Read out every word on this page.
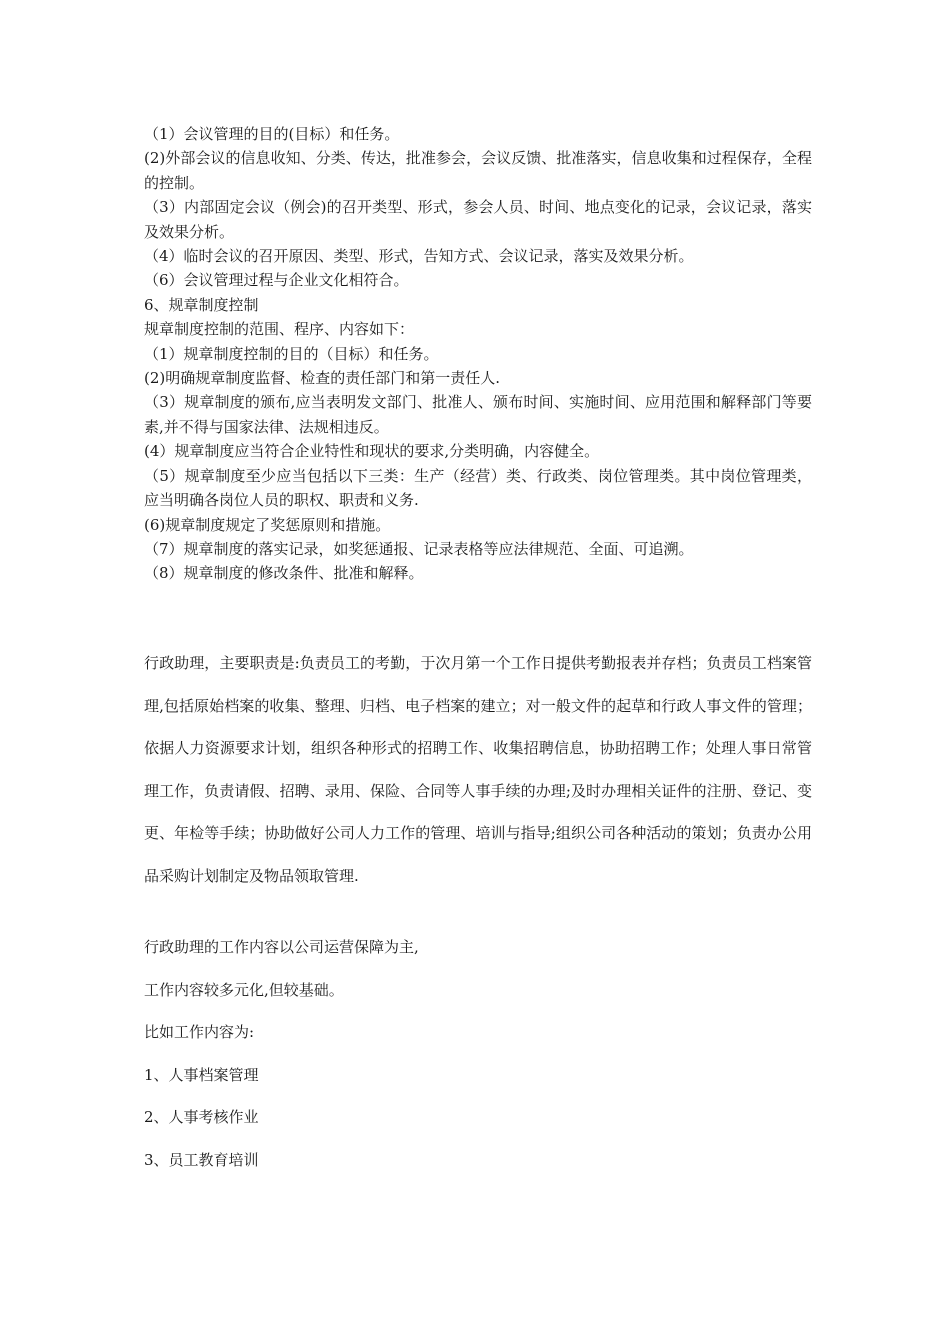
（1）会议管理的目的(目标）和任务。

(2)外部会议的信息收知、分类、传达，批准参会，会议反馈、批准落实，信息收集和过程保存，全程的控制。

（3）内部固定会议（例会)的召开类型、形式，参会人员、时间、地点变化的记录，会议记录，落实及效果分析。

（4）临时会议的召开原因、类型、形式，告知方式、会议记录，落实及效果分析。

（6）会议管理过程与企业文化相符合。

6、规章制度控制

规章制度控制的范围、程序、内容如下：

（1）规章制度控制的目的（目标）和任务。

(2)明确规章制度监督、检查的责任部门和第一责任人.

（3）规章制度的颁布,应当表明发文部门、批准人、颁布时间、实施时间、应用范围和解释部门等要素,并不得与国家法律、法规相违反。

(4）规章制度应当符合企业特性和现状的要求,分类明确，内容健全。

（5）规章制度至少应当包括以下三类：生产（经营）类、行政类、岗位管理类。其中岗位管理类，应当明确各岗位人员的职权、职责和义务.

(6)规章制度规定了奖惩原则和措施。

（7）规章制度的落实记录，如奖惩通报、记录表格等应法律规范、全面、可追溯。

（8）规章制度的修改条件、批准和解释。

行政助理，主要职责是:负责员工的考勤，于次月第一个工作日提供考勤报表并存档；负责员工档案管理,包括原始档案的收集、整理、归档、电子档案的建立；对一般文件的起草和行政人事文件的管理； 依据人力资源要求计划，组织各种形式的招聘工作、收集招聘信息，协助招聘工作；处理人事日常管理工作，负责请假、招聘、录用、保险、合同等人事手续的办理;及时办理相关证件的注册、登记、变更、年检等手续；协助做好公司人力工作的管理、培训与指导;组织公司各种活动的策划；负责办公用品采购计划制定及物品领取管理.

行政助理的工作内容以公司运营保障为主,

工作内容较多元化,但较基础。

比如工作内容为:

1、人事档案管理

2、人事考核作业

3、员工教育培训
